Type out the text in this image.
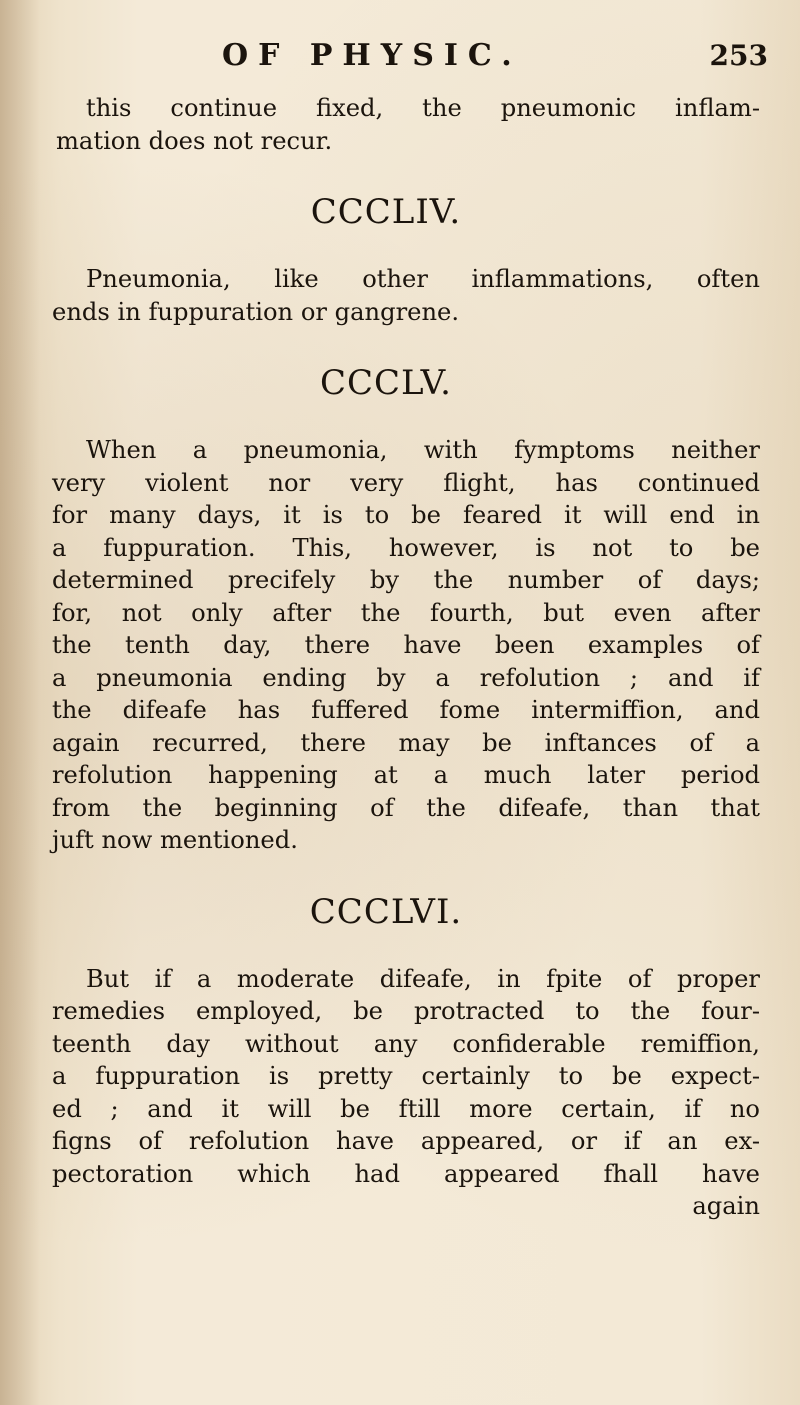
OF PHYSIC.	253
this continue fixed, the pneumonic inflam-
mation does not recur.
CCCLIV.
Pneumonia, like other inflammations, often
ends in fuppuration or gangrene.
CCCLV.
When a pneumonia, with fymptoms neither
very violent nor very flight, has continued
for many days, it is to be feared it will end in
a fuppuration. This, however, is not to be
determined precifely by the number of days;
for, not only after the fourth, but even after
the tenth day, there have been examples of
a pneumonia ending by a refolution ; and if
the difeafe has fuffered fome intermiffion, and
again recurred, there may be inftances of a
refolution happening at a much later period
from the beginning of the difeafe, than that
juft now mentioned.
CCCLVI.
But if a moderate difeafe, in fpite of proper
remedies employed, be protracted to the four-
teenth day without any confiderable remiffion,
a fuppuration is pretty certainly to be expect-
ed ; and it will be ftill more certain, if no
figns of refolution have appeared, or if an ex-
pectoration which had appeared fhall have
again
